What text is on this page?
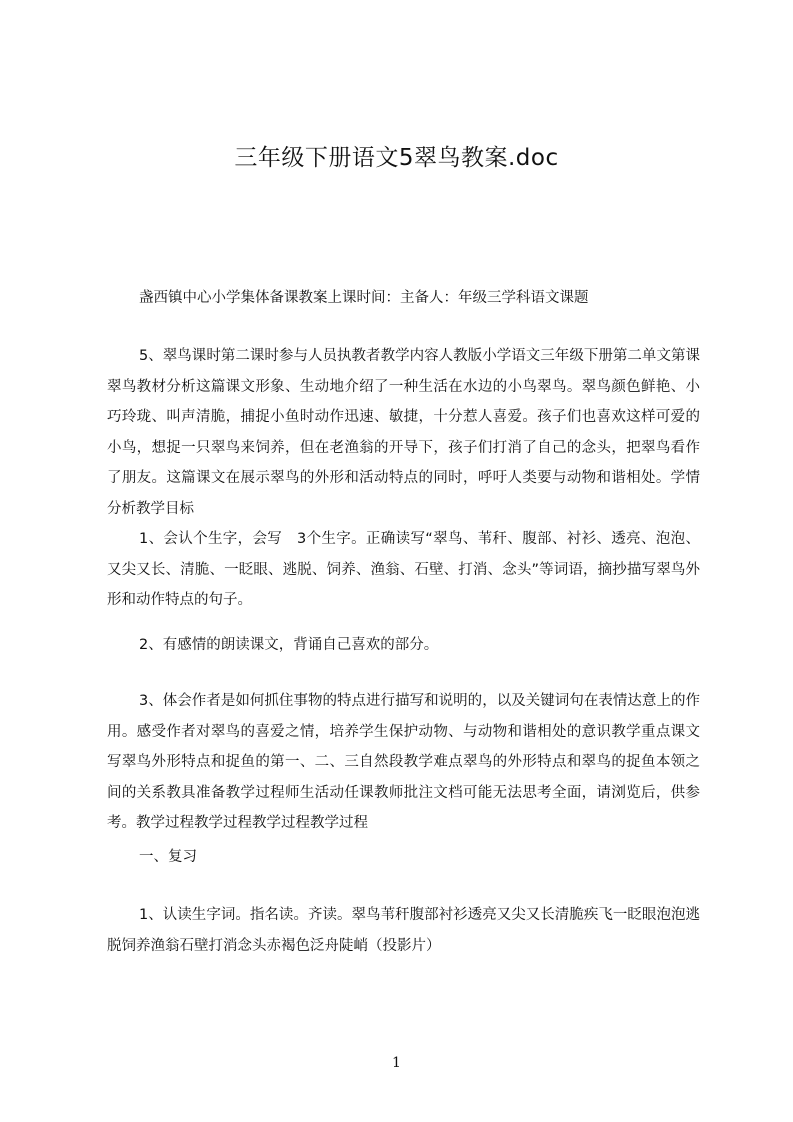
三年级下册语文5翠鸟教案.doc

盏西镇中心小学集体备课教案上课时间：主备人：年级三学科语文课题

5、翠鸟课时第二课时参与人员执教者教学内容人教版小学语文三年级下册第二单文第课翠鸟教材分析这篇课文形象、生动地介绍了一种生活在水边的小鸟翠鸟。翠鸟颜色鲜艳、小巧玲珑、叫声清脆，捕捉小鱼时动作迅速、敏捷，十分惹人喜爱。孩子们也喜欢这样可爱的小鸟，想捉一只翠鸟来饲养，但在老渔翁的开导下，孩子们打消了自己的念头，把翠鸟看作了朋友。这篇课文在展示翠鸟的外形和活动特点的同时，呼吁人类要与动物和谐相处。学情分析教学目标

1、会认个生字，会写　3个生字。正确读写“翠鸟、苇秆、腹部、衬衫、透亮、泡泡、又尖又长、清脆、一眨眼、逃脱、饲养、渔翁、石壁、打消、念头”等词语，摘抄描写翠鸟外形和动作特点的句子。

2、有感情的朗读课文，背诵自己喜欢的部分。

3、体会作者是如何抓住事物的特点进行描写和说明的，以及关键词句在表情达意上的作用。感受作者对翠鸟的喜爱之情，培养学生保护动物、与动物和谐相处的意识教学重点课文写翠鸟外形特点和捉鱼的第一、二、三自然段教学难点翠鸟的外形特点和翠鸟的捉鱼本领之间的关系教具准备教学过程师生活动任课教师批注文档可能无法思考全面，请浏览后，供参考。教学过程教学过程教学过程教学过程

一、复习

1、认读生字词。指名读。齐读。翠鸟苇秆腹部衬衫透亮又尖又长清脆疾飞一眨眼泡泡逃脱饲养渔翁石壁打消念头赤褐色泛舟陡峭（投影片）

1
